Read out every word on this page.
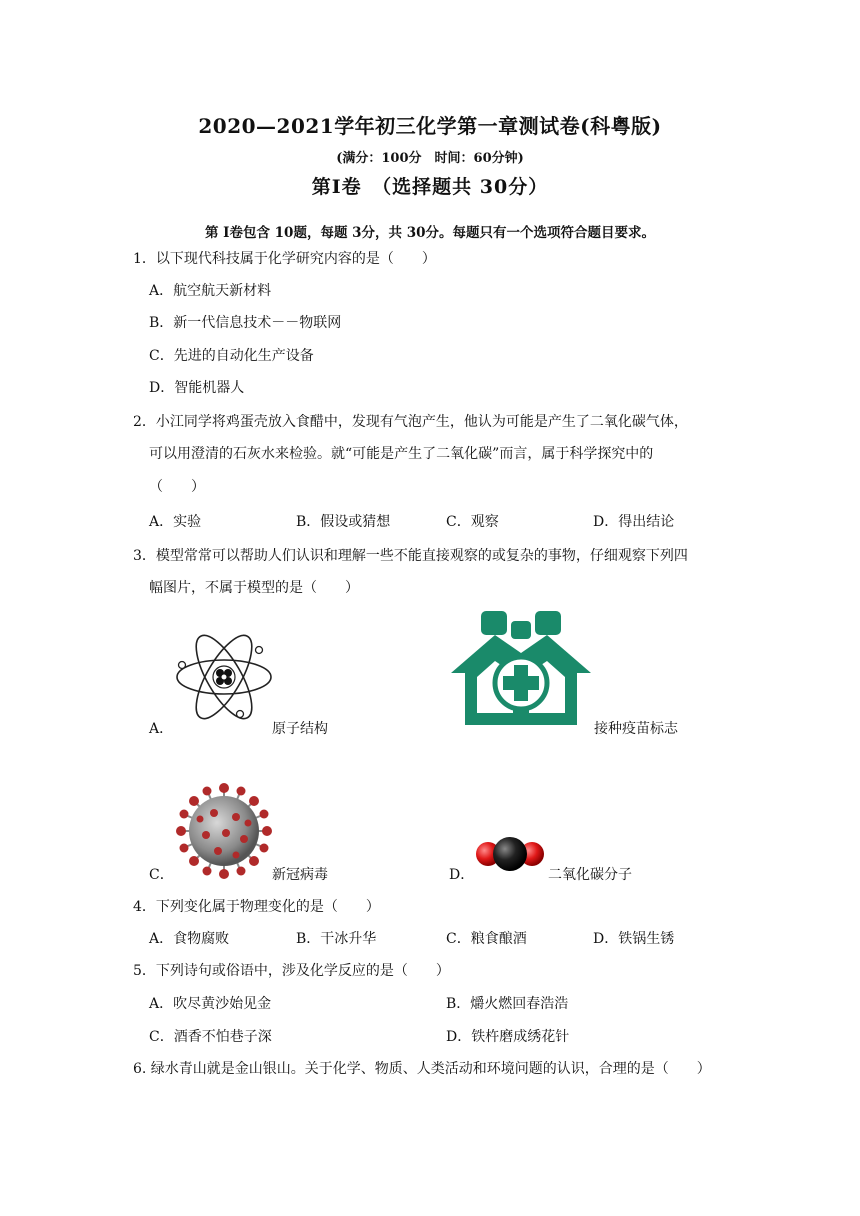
2020—2021学年初三化学第一章测试卷(科粤版)
(满分：100分　时间：60分钟)
第Ⅰ卷　（选择题共 30分）
第 Ⅰ卷包含 10题，每题 3分，共 30分。每题只有一个选项符合题目要求。
1．以下现代科技属于化学研究内容的是（　　）
A．航空航天新材料
B．新一代信息技术－－物联网
C．先进的自动化生产设备
D．智能机器人
2．小江同学将鸡蛋壳放入食醋中，发现有气泡产生，他认为可能是产生了二氧化碳气体，
可以用澄清的石灰水来检验。就“可能是产生了二氧化碳”而言，属于科学探究中的
（　　）
A．实验	B．假设或猜想	C．观察	D．得出结论
3．模型常常可以帮助人们认识和理解一些不能直接观察的或复杂的事物，仔细观察下列四
幅图片，不属于模型的是（　　）
A．	原子结构	接种疫苗标志
C．	新冠病毒	D．	二氧化碳分子
4．下列变化属于物理变化的是（　　）
A．食物腐败	B．干冰升华	C．粮食酿酒	D．铁锅生锈
5．下列诗句或俗语中，涉及化学反应的是（　　）
A．吹尽黄沙始见金	B．爝火燃回春浩浩
C．酒香不怕巷子深	D．铁杵磨成绣花针
6. 绿水青山就是金山银山。关于化学、物质、人类活动和环境问题的认识，合理的是（　　）
